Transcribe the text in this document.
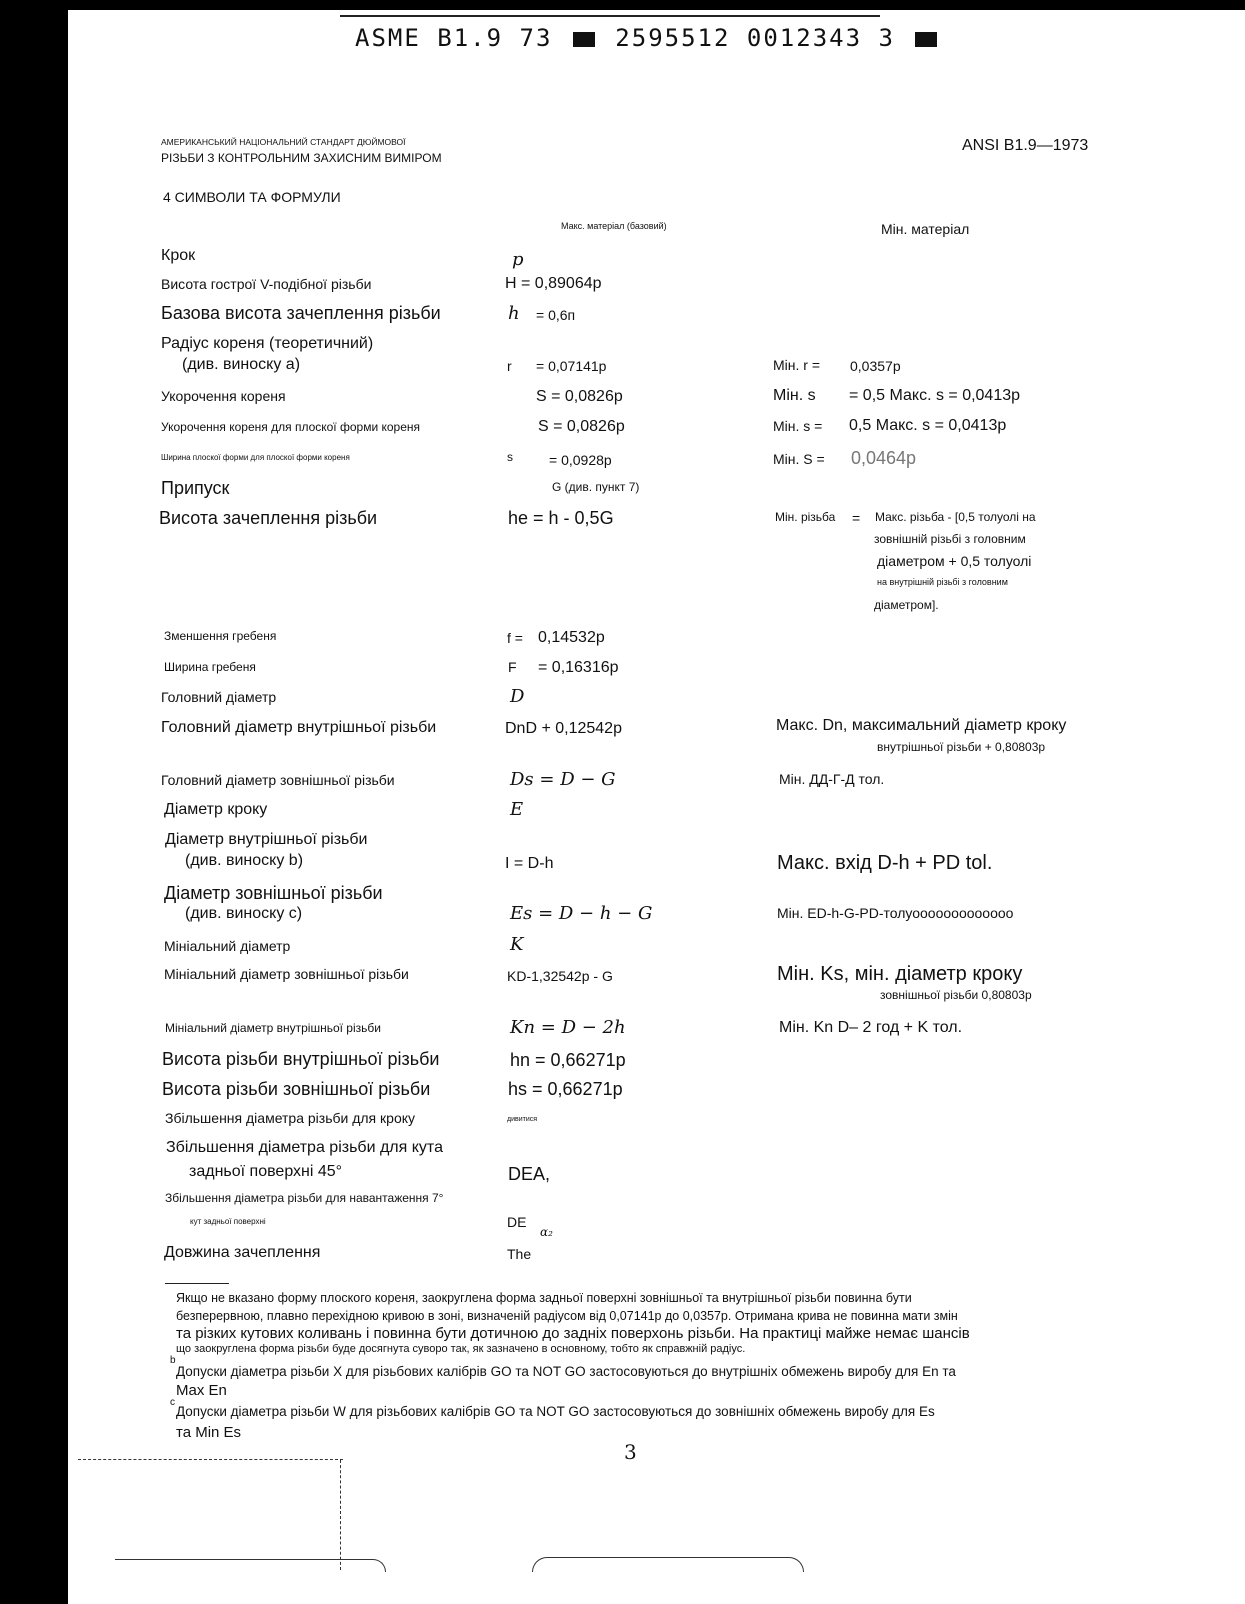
ASME B1.9 73	2595512 0012343 3
АМЕРИКАНСЬКИЙ НАЦІОНАЛЬНИЙ СТАНДАРТ ДЮЙМОВОЇ
РІЗЬБИ З КОНТРОЛЬНИМ ЗАХИСНИМ ВИМІРОМ
ANSI B1.9—1973
4 СИМВОЛИ ТА ФОРМУЛИ
Макс. матеріал (базовий)	Мін. матеріал
Крок	p
Висота гострої V-подібної різьби	H = 0,89064p
Базова висота зачеплення різьби	h = 0,6п
Радіус кореня (теоретичний)
(див. виноску a)	r = 0,07141p	Мін. r = 0,0357p
Укорочення кореня	S = 0,0826p	Мін. s = 0,5 Макс. s = 0,0413p
Укорочення кореня для плоскої форми кореня	S = 0,0826p	Мін. s = 0,5 Макс. s = 0,0413p
Ширина плоскої форми для плоскої форми кореня	s	= 0,0928p	Мін. S = 0,0464p
Припуск	G (див. пункт 7)
Висота зачеплення різьби	he = h - 0,5G	Мін. різьба = Макс. різьба - [0,5 толуолі на
зовнішній різьбі з головним
діаметром + 0,5 толуолі
на внутрішній різьбі з головним
діаметром].
Зменшення гребеня	f = 0,14532p
Ширина гребеня	F = 0,16316p
Головний діаметр	D
Головний діаметр внутрішньої різьби	DnD + 0,12542p	Макс. Dn, максимальний діаметр кроку
внутрішньої різьби + 0,80803p
Головний діаметр зовнішньої різьби	Ds = D − G	Мін. ДД-Г-Д тол.
Діаметр кроку	E
Діаметр внутрішньої різьби
(див. виноску b)	I = D-h	Макс. вхід D-h + PD tol.
Діаметр зовнішньої різьби
(див. виноску c)	Es = D − h − G	Мін. ED-h-G-PD-толуооооооооооооо
Мініальний діаметр	K
Мініальний діаметр зовнішньої різьби	KD-1,32542p - G	Мін. Ks, мін. діаметр кроку
зовнішньої різьби 0,80803p
Мініальний діаметр внутрішньої різьби	Kn = D − 2h	Мін. Kn D– 2 год + K тол.
Висота різьби внутрішньої різьби	hn = 0,66271p
Висота різьби зовнішньої різьби	hs = 0,66271p
Збільшення діаметра різьби для кроку	дивитися
Збільшення діаметра різьби для кута
задньої поверхні 45°	DEA,
Збільшення діаметра різьби для навантаження 7°
кут задньої поверхні	DE
α₂
Довжина зачеплення	The
Якщо не вказано форму плоского кореня, заокруглена форма задньої поверхні зовнішньої та внутрішньої різьби повинна бути
безперервною, плавно перехідною кривою в зоні, визначеній радіусом від 0,07141p до 0,0357p. Отримана крива не повинна мати змін
та різких кутових коливань і повинна бути дотичною до задніх поверхонь різьби. На практиці майже немає шансів
що заокруглена форма різьби буде досягнута суворо так, як зазначено в основному, тобто як справжній радіус.
b
Допуски діаметра різьби X для різьбових калібрів GO та NOT GO застосовуються до внутрішніх обмежень виробу для En та
Max En
c
Допуски діаметра різьби W для різьбових калібрів GO та NOT GO застосовуються до зовнішніх обмежень виробу для Es
та Min Es
3
